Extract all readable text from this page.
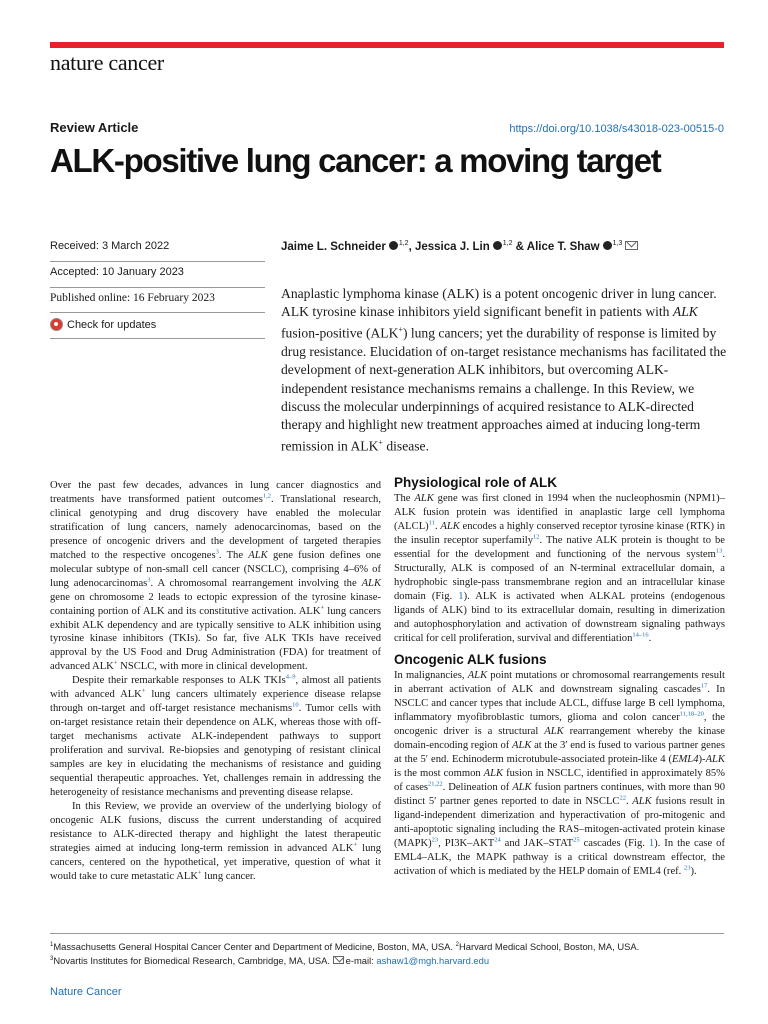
nature cancer
Review Article	https://doi.org/10.1038/s43018-023-00515-0
ALK-positive lung cancer: a moving target
Received: 3 March 2022
Accepted: 10 January 2023
Published online: 16 February 2023
Check for updates
Jaime L. Schneider $^{1,2}$, Jessica J. Lin $^{1,2}$ & Alice T. Shaw $^{1,3}$

Anaplastic lymphoma kinase (ALK) is a potent oncogenic driver in lung cancer. ALK tyrosine kinase inhibitors yield significant benefit in patients with ALK fusion-positive (ALK+) lung cancers; yet the durability of response is limited by drug resistance. Elucidation of on-target resistance mechanisms has facilitated the development of next-generation ALK inhibitors, but overcoming ALK-independent resistance mechanisms remains a challenge. In this Review, we discuss the molecular underpinnings of acquired resistance to ALK-directed therapy and highlight new treatment approaches aimed at inducing long-term remission in ALK+ disease.

Over the past few decades, advances in lung cancer diagnostics and treatments have transformed patient outcomes$^{1,2}$. Translational research, clinical genotyping and drug discovery have enabled the molecular stratification of lung cancers, namely adenocarcinomas, based on the presence of oncogenic drivers and the development of targeted therapies matched to the respective oncogenes$^3$. The ALK gene fusion defines one molecular subtype of non-small cell cancer (NSCLC), comprising 4–6% of lung adenocarcinomas$^3$. A chromosomal rearrangement involving the ALK gene on chromosome 2 leads to ectopic expression of the tyrosine kinase-containing portion of ALK and its constitutive activation. ALK+ lung cancers exhibit ALK dependency and are typically sensitive to ALK inhibition using tyrosine kinase inhibitors (TKIs). So far, five ALK TKIs have received approval by the US Food and Drug Administration (FDA) for treatment of advanced ALK+ NSCLC, with more in clinical development.

Despite their remarkable responses to ALK TKIs$^{4-9}$, almost all patients with advanced ALK+ lung cancers ultimately experience disease relapse through on-target and off-target resistance mechanisms$^{10}$. Tumor cells with on-target resistance retain their dependence on ALK, whereas those with off-target mechanisms activate ALK-independent pathways to support proliferation and survival. Re-biopsies and genotyping of resistant clinical samples are key in elucidating the mechanisms of resistance and guiding sequential therapeutic approaches. Yet, challenges remain in addressing the heterogeneity of resistance mechanisms and preventing disease relapse.

In this Review, we provide an overview of the underlying biology of oncogenic ALK fusions, discuss the current understanding of acquired resistance to ALK-directed therapy and highlight the latest therapeutic strategies aimed at inducing long-term remission in advanced ALK+ lung cancers, centered on the hypothetical, yet imperative, question of what it would take to cure metastatic ALK+ lung cancer.

Physiological role of ALK

The ALK gene was first cloned in 1994 when the nucleophosmin (NPM1)–ALK fusion protein was identified in anaplastic large cell lymphoma (ALCL)$^{11}$. ALK encodes a highly conserved receptor tyrosine kinase (RTK) in the insulin receptor superfamily$^{12}$. The native ALK protein is thought to be essential for the development and functioning of the nervous system$^{13}$. Structurally, ALK is composed of an N-terminal extracellular domain, a hydrophobic single-pass transmembrane region and an intracellular kinase domain (Fig. 1). ALK is activated when ALKAL proteins (endogenous ligands of ALK) bind to its extracellular domain, resulting in dimerization and autophosphorylation and activation of downstream signaling pathways critical for cell proliferation, survival and differentiation$^{14-16}$.

Oncogenic ALK fusions

In malignancies, ALK point mutations or chromosomal rearrangements result in aberrant activation of ALK and downstream signaling cascades$^{17}$. In NSCLC and cancer types that include ALCL, diffuse large B cell lymphoma, inflammatory myofibroblastic tumors, glioma and colon cancer$^{11,18-20}$, the oncogenic driver is a structural ALK rearrangement whereby the kinase domain-encoding region of ALK at the 3′ end is fused to various partner genes at the 5′ end. Echinoderm microtubule-associated protein-like 4 (EML4)-ALK is the most common ALK fusion in NSCLC, identified in approximately 85% of cases$^{21,22}$. Delineation of ALK fusion partners continues, with more than 90 distinct 5′ partner genes reported to date in NSCLC$^{22}$. ALK fusions result in ligand-independent dimerization and hyperactivation of pro-mitogenic and anti-apoptotic signaling including the RAS–mitogen-activated protein kinase (MAPK)$^{23}$, PI3K–AKT$^{24}$ and JAK–STAT$^{25}$ cascades (Fig. 1). In the case of EML4–ALK, the MAPK pathway is a critical downstream effector, the activation of which is mediated by the HELP domain of EML4 (ref. $^{23}$).

$^1$Massachusetts General Hospital Cancer Center and Department of Medicine, Boston, MA, USA. $^2$Harvard Medical School, Boston, MA, USA.
$^3$Novartis Institutes for Biomedical Research, Cambridge, MA, USA. e-mail: ashaw1@mgh.harvard.edu
Nature Cancer
